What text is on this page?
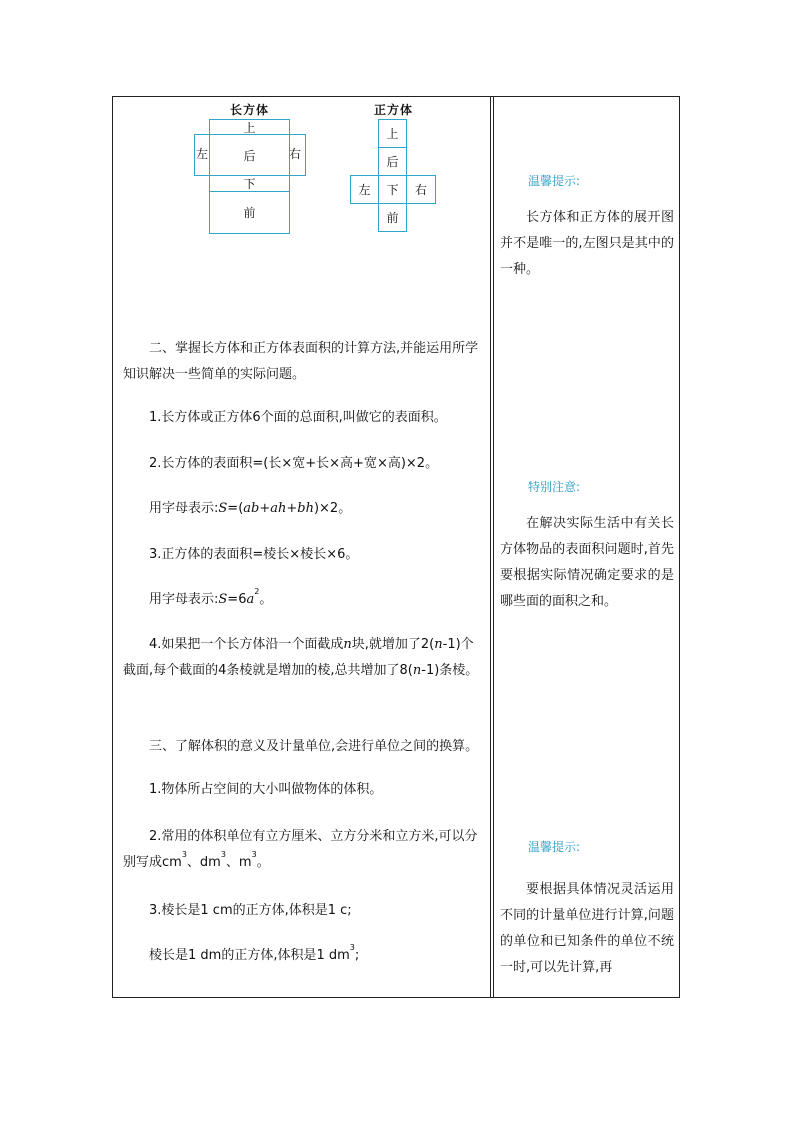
长方体
上
左	后	右
下
前
正方体
上
后
左	下	右
前

二、掌握长方体和正方体表面积的计算方法,并能运用所学知识解决一些简单的实际问题。

1.长方体或正方体6个面的总面积,叫做它的表面积。

2.长方体的表面积=(长×宽+长×高+宽×高)×2。

用字母表示:S=(ab+ah+bh)×2。

3.正方体的表面积=棱长×棱长×6。

用字母表示$:S=6a^2$。

4.如果把一个长方体沿一个面截成n块,就增加了2(n-1)个截面,每个截面的4条棱就是增加的棱,总共增加了8(n-1)条棱。

三、了解体积的意义及计量单位,会进行单位之间的换算。

1.物体所占空间的大小叫做物体的体积。

2.常用的体积单位有立方厘米、立方分米和立方米,可以分别写成$cm^3$、$dm^3$、$m^3$。

3.棱长是1 cm的正方体,体积是1 c;

棱长是1 dm的正方体,体积是1 $dm^3$;

温馨提示:

长方体和正方体的展开图并不是唯一的,左图只是其中的一种。

特别注意:

在解决实际生活中有关长方体物品的表面积问题时,首先要根据实际情况确定要求的是哪些面的面积之和。

温馨提示:

要根据具体情况灵活运用不同的计量单位进行计算,问题的单位和已知条件的单位不统一时,可以先计算,再
